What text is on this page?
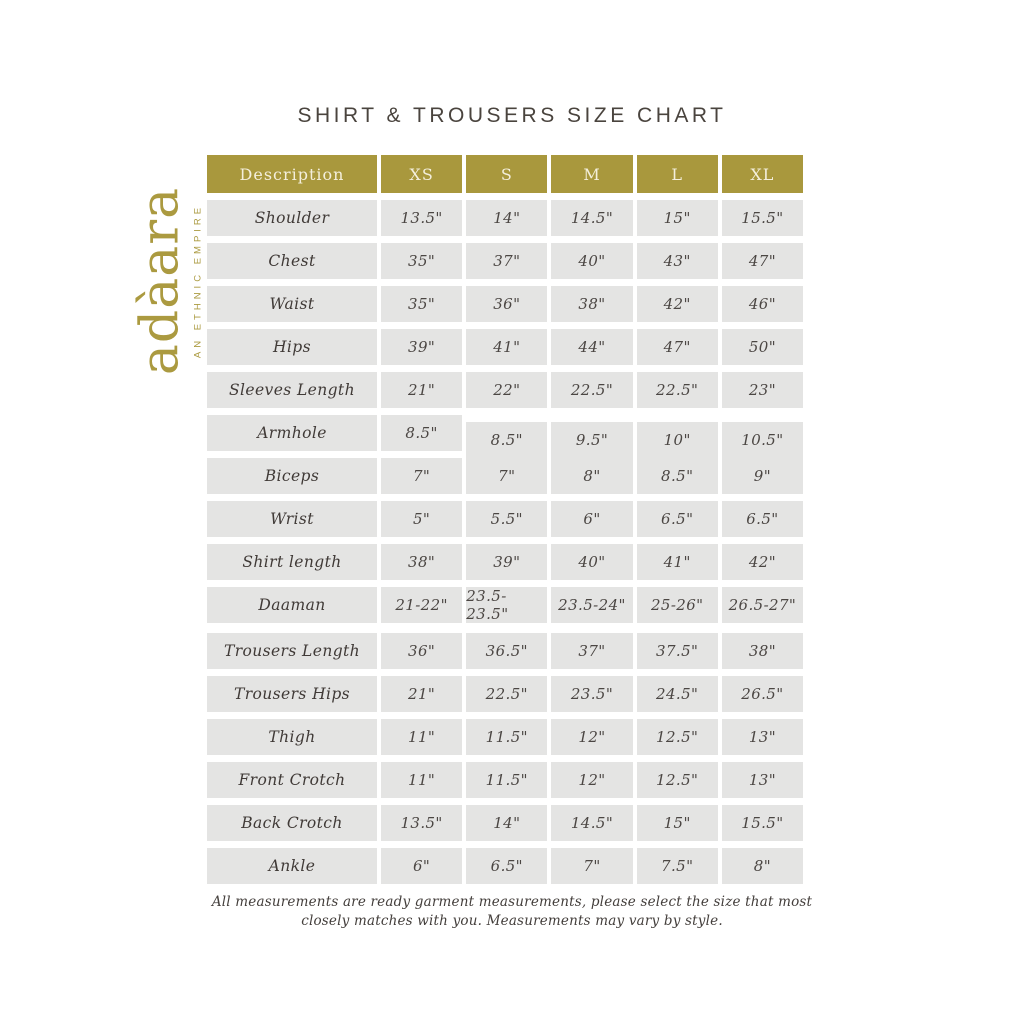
SHIRT & TROUSERS SIZE CHART
adàara AN ETHNIC EMPIRE
Description	XS	S	M	L	XL
Shoulder	13.5"	14"	14.5"	15"	15.5"
Chest	35"	37"	40"	43"	47"
Waist	35"	36"	38"	42"	46"
Hips	39"	41"	44"	47"	50"
Sleeves Length	21"	22"	22.5"	22.5"	23"
Armhole	8.5"	8.5"	9.5"	10"	10.5"
Biceps	7"	7"	8"	8.5"	9"
Wrist	5"	5.5"	6"	6.5"	6.5"
Shirt length	38"	39"	40"	41"	42"
Daaman	21-22"	23.5-23.5"	23.5-24"	25-26"	26.5-27"
Trousers Length	36"	36.5"	37"	37.5"	38"
Trousers Hips	21"	22.5"	23.5"	24.5"	26.5"
Thigh	11"	11.5"	12"	12.5"	13"
Front Crotch	11"	11.5"	12"	12.5"	13"
Back Crotch	13.5"	14"	14.5"	15"	15.5"
Ankle	6"	6.5"	7"	7.5"	8"
All measurements are ready garment measurements, please select the size that most
closely matches with you. Measurements may vary by style.
